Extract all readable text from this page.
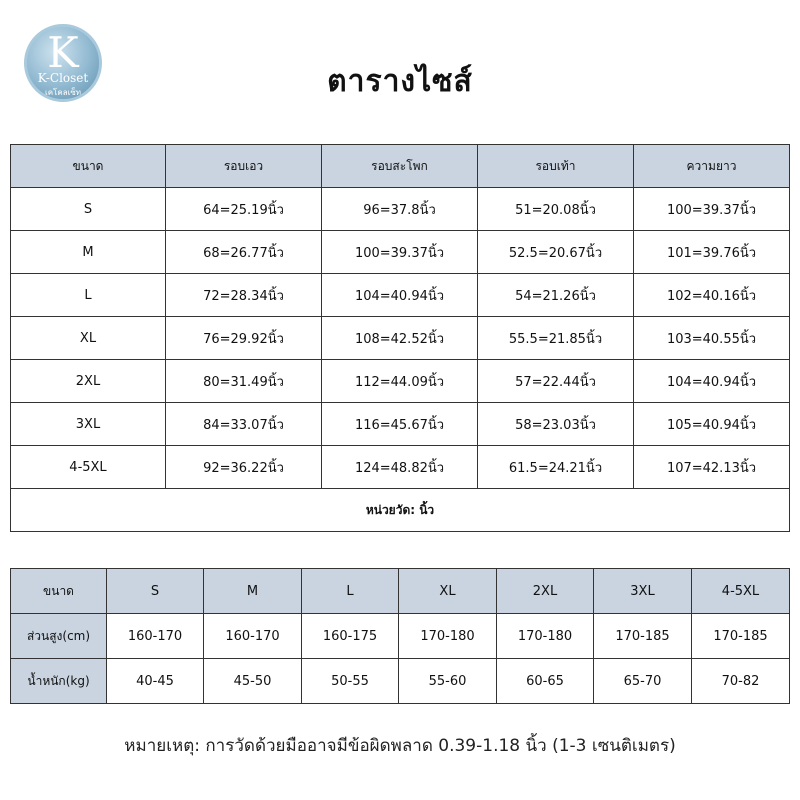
K
K-Closet
เคโคลเซ็ท	ตารางไซส์
ขนาด	รอบเอว	รอบสะโพก	รอบเท้า	ความยาว
S	64=25.19นิ้ว	96=37.8นิ้ว	51=20.08นิ้ว	100=39.37นิ้ว
M	68=26.77นิ้ว	100=39.37นิ้ว	52.5=20.67นิ้ว	101=39.76นิ้ว
L	72=28.34นิ้ว	104=40.94นิ้ว	54=21.26นิ้ว	102=40.16นิ้ว
XL	76=29.92นิ้ว	108=42.52นิ้ว	55.5=21.85นิ้ว	103=40.55นิ้ว
2XL	80=31.49นิ้ว	112=44.09นิ้ว	57=22.44นิ้ว	104=40.94นิ้ว
3XL	84=33.07นิ้ว	116=45.67นิ้ว	58=23.03นิ้ว	105=40.94นิ้ว
4-5XL	92=36.22นิ้ว	124=48.82นิ้ว	61.5=24.21นิ้ว	107=42.13นิ้ว
หน่วยวัด: นิ้ว				
ขนาด	S	M	L	XL	2XL	3XL	4-5XL
ส่วนสูง(cm)	160-170	160-170	160-175	170-180	170-180	170-185	170-185
น้ำหนัก(kg)	40-45	45-50	50-55	55-60	60-65	65-70	70-82
หมายเหตุ: การวัดด้วยมืออาจมีข้อผิดพลาด 0.39-1.18 นิ้ว (1-3 เซนติเมตร)
